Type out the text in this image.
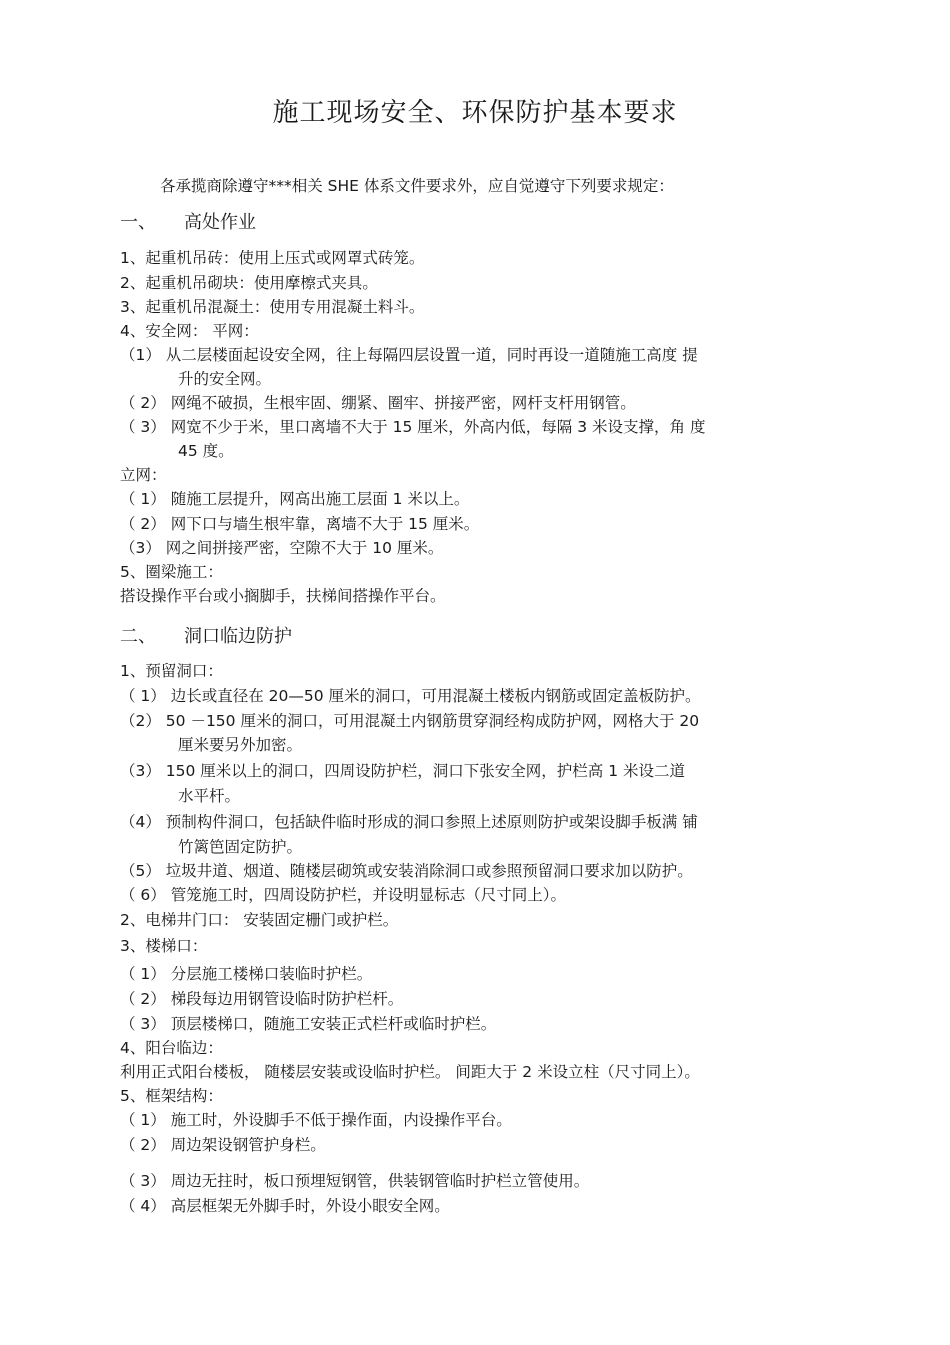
施工现场安全、环保防护基本要求
各承揽商除遵守***相关 SHE 体系文件要求外，应自觉遵守下列要求规定：
一、 高处作业
1、起重机吊砖：使用上压式或网罩式砖笼。
2、起重机吊砌块：使用摩檫式夹具。
3、起重机吊混凝土：使用专用混凝土料斗。
4、安全网： 平网：
（1） 从二层楼面起设安全网，往上每隔四层设置一道，同时再设一道随施工高度 提
升的安全网。
（ 2） 网绳不破损，生根牢固、绷紧、圈牢、拼接严密，网杆支杆用钢管。
（ 3） 网宽不少于米，里口离墙不大于 15 厘米，外高内低，每隔 3 米设支撑，角 度
45 度。
立网：
（ 1） 随施工层提升，网高出施工层面 1 米以上。
（ 2） 网下口与墙生根牢靠，离墙不大于 15 厘米。
（3） 网之间拼接严密，空隙不大于 10 厘米。
5、圈梁施工：
搭设操作平台或小搁脚手，扶梯间搭操作平台。
二、 洞口临边防护
1、预留洞口：
（ 1） 边长或直径在 20—50 厘米的洞口，可用混凝土楼板内钢筋或固定盖板防护。
（2） 50 －150 厘米的洞口，可用混凝土内钢筋贯穿洞经构成防护网，网格大于 20
厘米要另外加密。
（3） 150 厘米以上的洞口，四周设防护栏，洞口下张安全网，护栏高 1 米设二道
水平杆。
（4） 预制构件洞口，包括缺件临时形成的洞口参照上述原则防护或架设脚手板满 铺
竹篱笆固定防护。
（5） 垃圾井道、烟道、随楼层砌筑或安装消除洞口或参照预留洞口要求加以防护。
（ 6） 管笼施工时，四周设防护栏，并设明显标志（尺寸同上）。
2、电梯井门口： 安装固定栅门或护栏。
3、楼梯口：
（ 1） 分层施工楼梯口装临时护栏。
（ 2） 梯段每边用钢管设临时防护栏杆。
（ 3） 顶层楼梯口，随施工安装正式栏杆或临时护栏。
4、阳台临边：
利用正式阳台楼板， 随楼层安装或设临时护栏。 间距大于 2 米设立柱（尺寸同上）。
5、框架结构：
（ 1） 施工时，外设脚手不低于操作面，内设操作平台。
（ 2） 周边架设钢管护身栏。
（ 3） 周边无拄时，板口预埋短钢管，供装钢管临时护栏立管使用。
（ 4） 高层框架无外脚手时，外设小眼安全网。
